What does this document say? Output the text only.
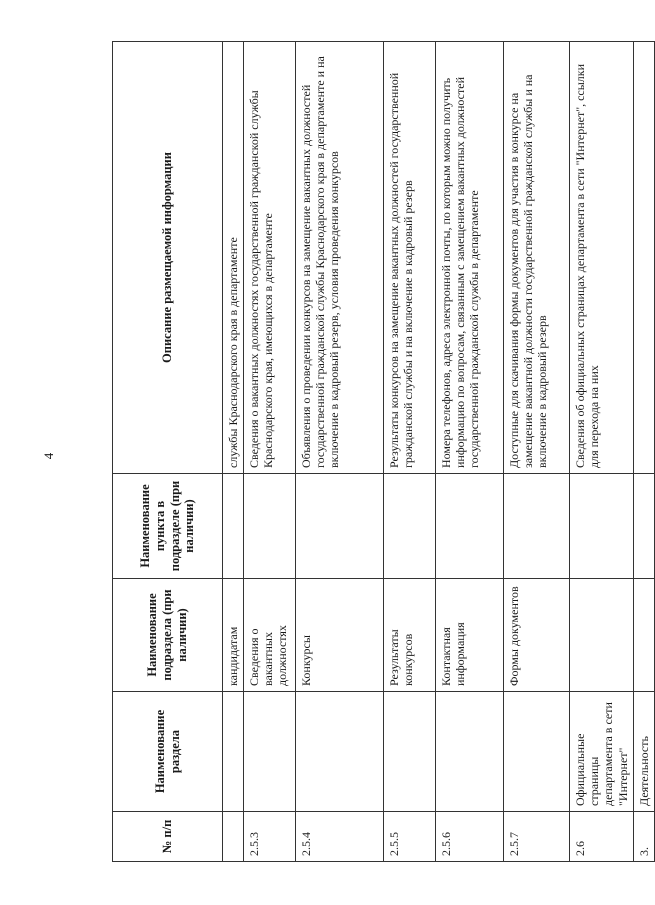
4
№ п/п	Наименование раздела	Наименование подраздела (при наличии)	Наименование пункта в подразделе (при наличии)	Описание размещаемой информации
		кандидатам		службы Краснодарского края в департаменте
2.5.3		Сведения о вакантных должностях		Сведения о вакантных должностях государственной гражданской службы Краснодарского края, имеющихся в департаменте
2.5.4		Конкурсы		Объявления о проведении конкурсов на замещение вакантных должностей государственной гражданской службы Краснодарского края в департаменте и на включение в кадровый резерв, условия проведения конкурсов
2.5.5		Результаты конкурсов		Результаты конкурсов на замещение вакантных должностей государственной гражданской службы и на включение в кадровый резерв
2.5.6		Контактная информация		Номера телефонов, адреса электронной почты, по которым можно получить информацию по вопросам, связанным с замещением вакантных должностей государственной гражданской службы в департаменте
2.5.7		Формы документов		Доступные для скачивания формы документов для участия в конкурсе на замещение вакантной должности государственной гражданской службы и на включение в кадровый резерв
2.6	Официальные страницы департамента в сети "Интернет"			Сведения об официальных страницах департамента в сети "Интернет", ссылки для перехода на них
3.	Деятельность			
